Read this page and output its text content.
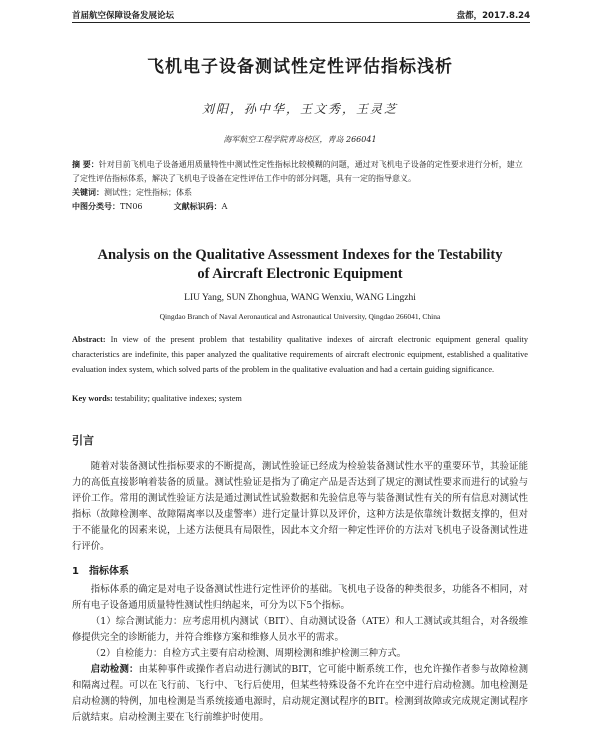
首届航空保障设备发展论坛	盘都，2017.8.24
飞机电子设备测试性定性评估指标浅析
刘阳，孙中华，王文秀，王灵芝
海军航空工程学院青岛校区，青岛 266041
摘 要：针对目前飞机电子设备通用质量特性中测试性定性指标比较模糊的问题，通过对飞机电子设备的定性要求进行分析，建立了定性评估指标体系，解决了飞机电子设备在定性评估工作中的部分问题，具有一定的指导意义。
关键词：测试性；定性指标；体系
中图分类号：TN06	文献标识码：A
Analysis on the Qualitative Assessment Indexes for the Testability
of Aircraft Electronic Equipment
LIU Yang, SUN Zhonghua, WANG Wenxiu, WANG Lingzhi
Qingdao Branch of Naval Aeronautical and Astronautical University, Qingdao 266041, China
Abstract: In view of the present problem that testability qualitative indexes of aircraft electronic equipment general quality characteristics are indefinite, this paper analyzed the qualitative requirements of aircraft electronic equipment, established a qualitative evaluation index system, which solved parts of the problem in the qualitative evaluation and had a certain guiding significance.
Key words: testability; qualitative indexes; system
引言

随着对装备测试性指标要求的不断提高，测试性验证已经成为检验装备测试性水平的重要环节，其验证能力的高低直接影响着装备的质量。测试性验证是指为了确定产品是否达到了规定的测试性要求而进行的试验与评价工作。常用的测试性验证方法是通过测试性试验数据和先验信息等与装备测试性有关的所有信息对测试性指标（故障检测率、故障隔离率以及虚警率）进行定量计算以及评价，这种方法是依靠统计数据支撑的，但对于不能量化的因素来说，上述方法便具有局限性，因此本文介绍一种定性评价的方法对飞机电子设备测试性进行评价。

1　指标体系

指标体系的确定是对电子设备测试性进行定性评价的基础。飞机电子设备的种类很多，功能各不相同，对所有电子设备通用质量特性测试性归纳起来，可分为以下5个指标。

（1）综合测试能力：应考虑用机内测试（BIT）、自动测试设备（ATE）和人工测试或其组合，对各级维修提供完全的诊断能力，并符合维修方案和维修人员水平的需求。

（2）自检能力：自检方式主要有启动检测、周期检测和维护检测三种方式。

启动检测：由某种事件或操作者启动进行测试的BIT，它可能中断系统工作，也允许操作者参与故障检测和隔离过程。可以在飞行前、飞行中、飞行后使用，但某些特殊设备不允许在空中进行启动检测。加电检测是启动检测的特例，加电检测是当系统接通电源时，启动规定测试程序的BIT。检测到故障或完成规定测试程序后就结束。启动检测主要在飞行前维护时使用。
